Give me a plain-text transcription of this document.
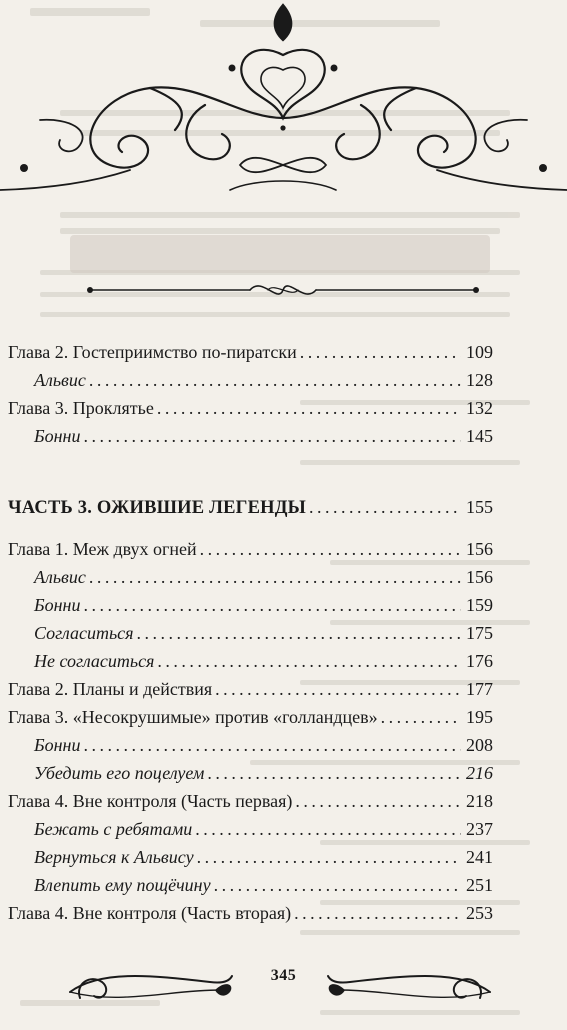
Глава 2. Гостеприимство по-пиратски . . .	109
Альвис . . .	128
Глава 3. Проклятье . . .	132
Бонни . . .	145
ЧАСТЬ 3. ОЖИВШИЕ ЛЕГЕНДЫ . . .	155
Глава 1. Меж двух огней . . .	156
Альвис . . .	156
Бонни . . .	159
Согласиться . . .	175
Не согласиться . . .	176
Глава 2. Планы и действия . . .	177
Глава 3. «Несокрушимые» против «голландцев» . . .	195
Бонни . . .	208
Убедить его поцелуем . . .	216
Глава 4. Вне контроля (Часть первая) . . .	218
Бежать с ребятами . . .	237
Вернуться к Альвису . . .	241
Влепить ему пощёчину . . .	251
Глава 4. Вне контроля (Часть вторая) . . .	253
345
